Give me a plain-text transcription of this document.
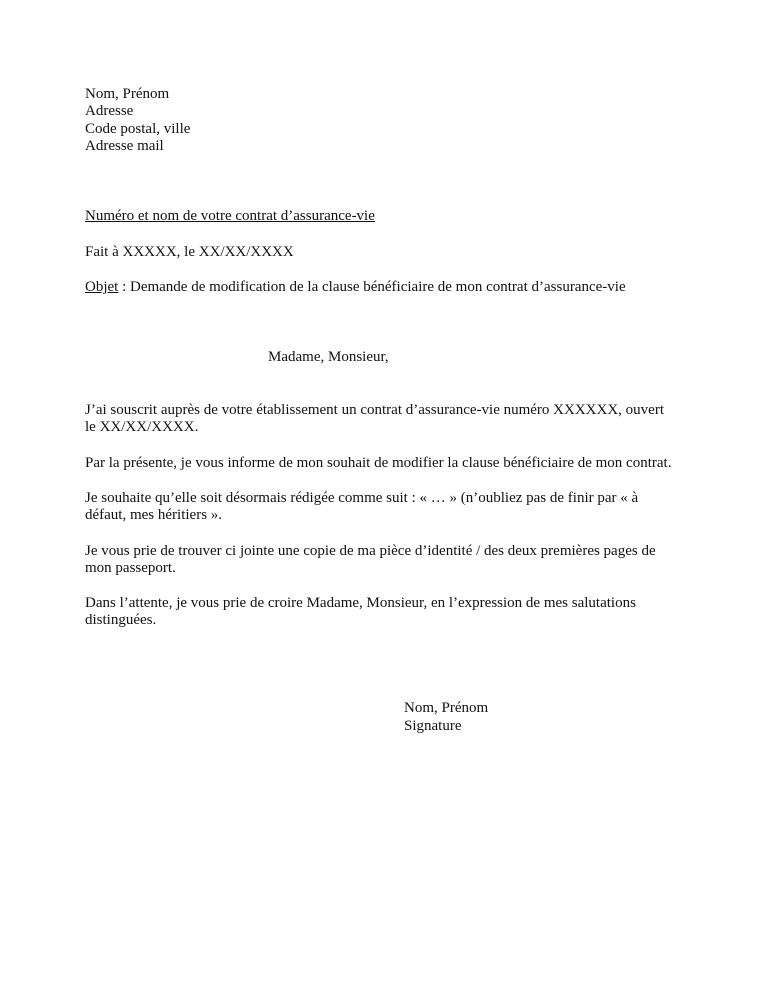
Nom, Prénom
Adresse
Code postal, ville
Adresse mail
Numéro et nom de votre contrat d’assurance-vie
Fait à XXXXX, le XX/XX/XXXX
Objet : Demande de modification de la clause bénéficiaire de mon contrat d’assurance-vie
Madame, Monsieur,
J’ai souscrit auprès de votre établissement un contrat d’assurance-vie numéro XXXXXX, ouvert
le XX/XX/XXXX.
Par la présente, je vous informe de mon souhait de modifier la clause bénéficiaire de mon contrat.
Je souhaite qu’elle soit désormais rédigée comme suit : « … » (n’oubliez pas de finir par « à
défaut, mes héritiers ».
Je vous prie de trouver ci jointe une copie de ma pièce d’identité / des deux premières pages de
mon passeport.
Dans l’attente, je vous prie de croire Madame, Monsieur, en l’expression de mes salutations
distinguées.
Nom, Prénom
Signature
